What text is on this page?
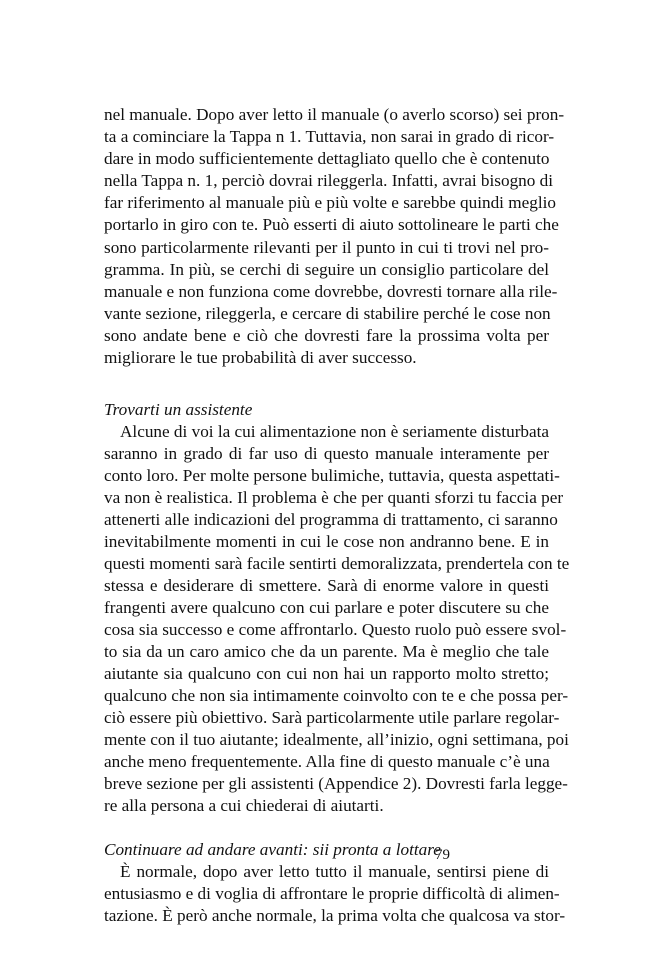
nel manuale. Dopo aver letto il manuale (o averlo scorso) sei pron-
ta a cominciare la Tappa n 1. Tuttavia, non sarai in grado di ricor-
dare in modo sufficientemente dettagliato quello che è contenuto
nella Tappa n. 1, perciò dovrai rileggerla. Infatti, avrai bisogno di
far riferimento al manuale più e più volte e sarebbe quindi meglio
portarlo in giro con te. Può esserti di aiuto sottolineare le parti che
sono particolarmente rilevanti per il punto in cui ti trovi nel pro-
gramma. In più, se cerchi di seguire un consiglio particolare del
manuale e non funziona come dovrebbe, dovresti tornare alla rile-
vante sezione, rileggerla, e cercare di stabilire perché le cose non
sono andate bene e ciò che dovresti fare la prossima volta per
migliorare le tue probabilità di aver successo.
Trovarti un assistente
Alcune di voi la cui alimentazione non è seriamente disturbata
saranno in grado di far uso di questo manuale interamente per
conto loro. Per molte persone bulimiche, tuttavia, questa aspettati-
va non è realistica. Il problema è che per quanti sforzi tu faccia per
attenerti alle indicazioni del programma di trattamento, ci saranno
inevitabilmente momenti in cui le cose non andranno bene. E in
questi momenti sarà facile sentirti demoralizzata, prendertela con te
stessa e desiderare di smettere. Sarà di enorme valore in questi
frangenti avere qualcuno con cui parlare e poter discutere su che
cosa sia successo e come affrontarlo. Questo ruolo può essere svol-
to sia da un caro amico che da un parente. Ma è meglio che tale
aiutante sia qualcuno con cui non hai un rapporto molto stretto;
qualcuno che non sia intimamente coinvolto con te e che possa per-
ciò essere più obiettivo. Sarà particolarmente utile parlare regolar-
mente con il tuo aiutante; idealmente, all’inizio, ogni settimana, poi
anche meno frequentemente. Alla fine di questo manuale c’è una
breve sezione per gli assistenti (Appendice 2). Dovresti farla legge-
re alla persona a cui chiederai di aiutarti.
Continuare ad andare avanti: sii pronta a lottare
È normale, dopo aver letto tutto il manuale, sentirsi piene di
entusiasmo e di voglia di affrontare le proprie difficoltà di alimen-
tazione. È però anche normale, la prima volta che qualcosa va stor-
79
